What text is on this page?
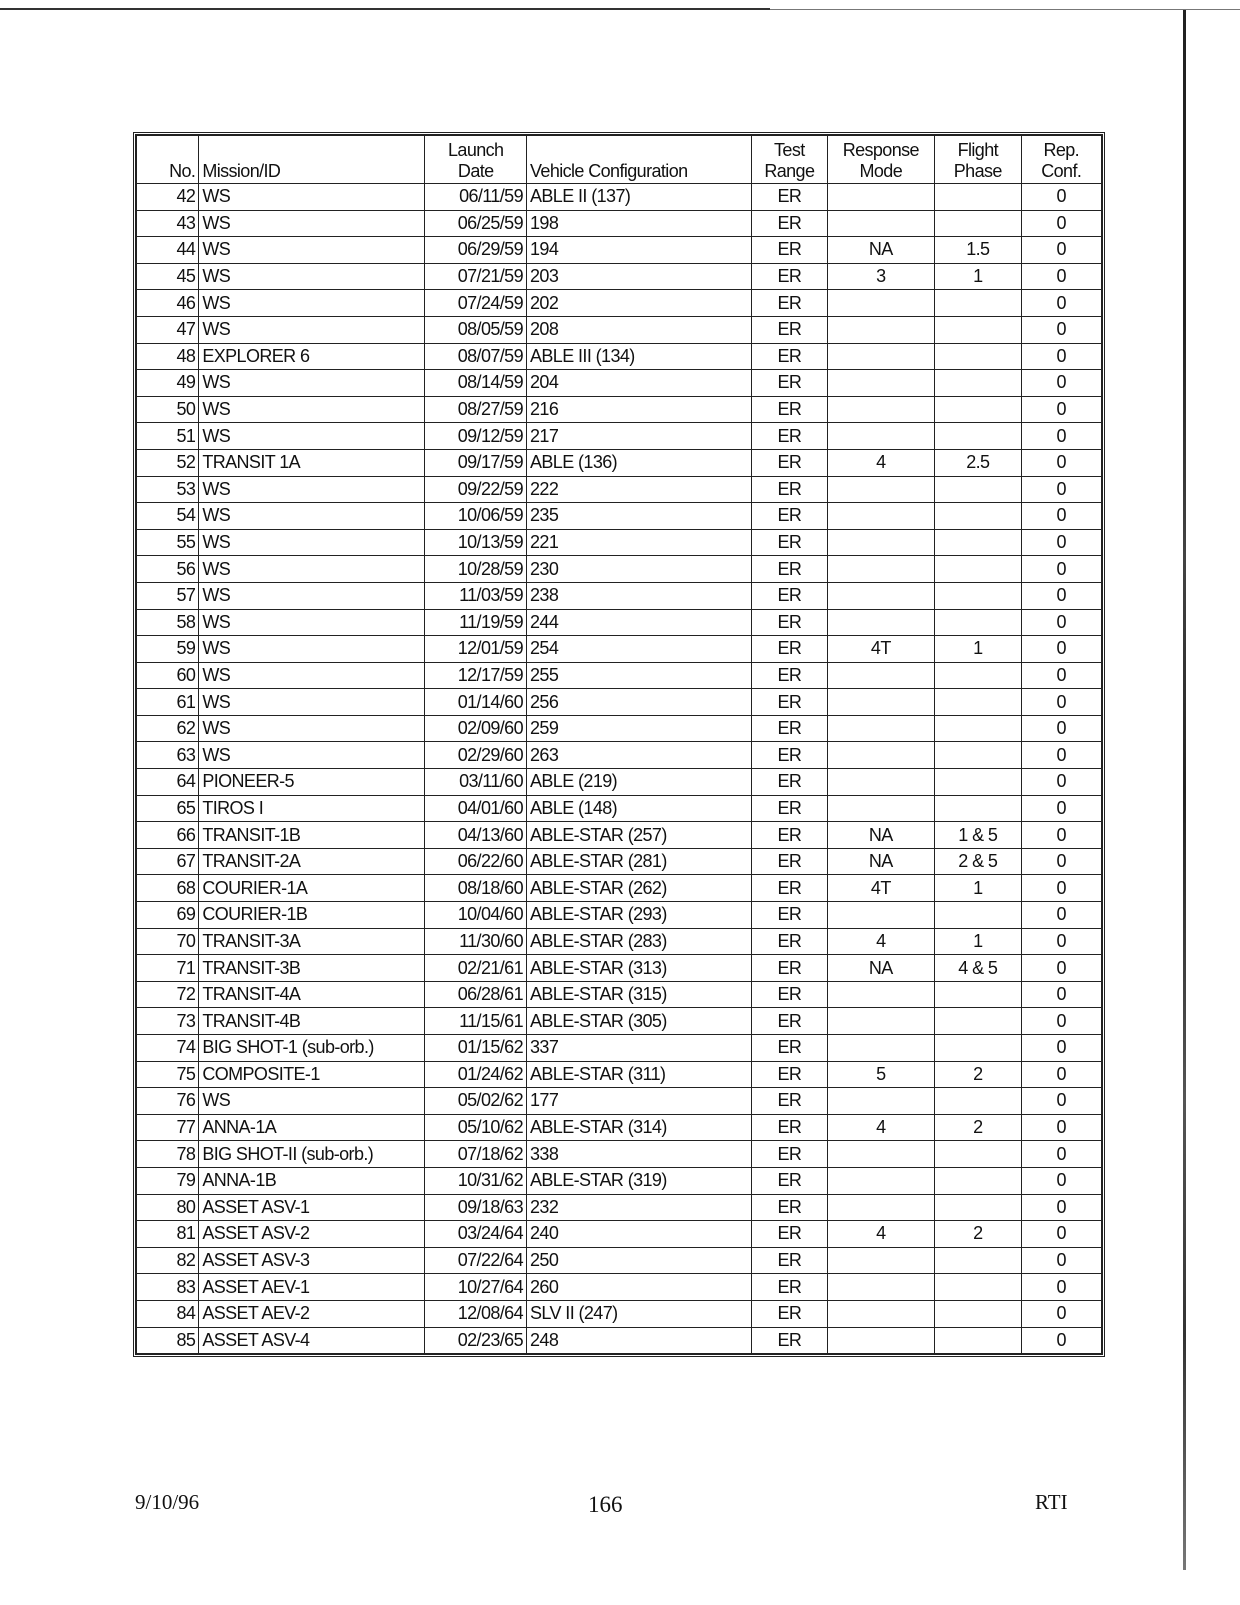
No.	Mission/ID	Launch Date	Vehicle Configuration	Test Range	Response Mode	Flight Phase	Rep. Conf.
42	WS	06/11/59	ABLE II (137)	ER			0
43	WS	06/25/59	198	ER			0
44	WS	06/29/59	194	ER	NA	1.5	0
45	WS	07/21/59	203	ER	3	1	0
46	WS	07/24/59	202	ER			0
47	WS	08/05/59	208	ER			0
48	EXPLORER 6	08/07/59	ABLE III (134)	ER			0
49	WS	08/14/59	204	ER			0
50	WS	08/27/59	216	ER			0
51	WS	09/12/59	217	ER			0
52	TRANSIT 1A	09/17/59	ABLE (136)	ER	4	2.5	0
53	WS	09/22/59	222	ER			0
54	WS	10/06/59	235	ER			0
55	WS	10/13/59	221	ER			0
56	WS	10/28/59	230	ER			0
57	WS	11/03/59	238	ER			0
58	WS	11/19/59	244	ER			0
59	WS	12/01/59	254	ER	4T	1	0
60	WS	12/17/59	255	ER			0
61	WS	01/14/60	256	ER			0
62	WS	02/09/60	259	ER			0
63	WS	02/29/60	263	ER			0
64	PIONEER-5	03/11/60	ABLE (219)	ER			0
65	TIROS I	04/01/60	ABLE (148)	ER			0
66	TRANSIT-1B	04/13/60	ABLE-STAR (257)	ER	NA	1 & 5	0
67	TRANSIT-2A	06/22/60	ABLE-STAR (281)	ER	NA	2 & 5	0
68	COURIER-1A	08/18/60	ABLE-STAR (262)	ER	4T	1	0
69	COURIER-1B	10/04/60	ABLE-STAR (293)	ER			0
70	TRANSIT-3A	11/30/60	ABLE-STAR (283)	ER	4	1	0
71	TRANSIT-3B	02/21/61	ABLE-STAR (313)	ER	NA	4 & 5	0
72	TRANSIT-4A	06/28/61	ABLE-STAR (315)	ER			0
73	TRANSIT-4B	11/15/61	ABLE-STAR (305)	ER			0
74	BIG SHOT-1 (sub-orb.)	01/15/62	337	ER			0
75	COMPOSITE-1	01/24/62	ABLE-STAR (311)	ER	5	2	0
76	WS	05/02/62	177	ER			0
77	ANNA-1A	05/10/62	ABLE-STAR (314)	ER	4	2	0
78	BIG SHOT-II (sub-orb.)	07/18/62	338	ER			0
79	ANNA-1B	10/31/62	ABLE-STAR (319)	ER			0
80	ASSET ASV-1	09/18/63	232	ER			0
81	ASSET ASV-2	03/24/64	240	ER	4	2	0
82	ASSET ASV-3	07/22/64	250	ER			0
83	ASSET AEV-1	10/27/64	260	ER			0
84	ASSET AEV-2	12/08/64	SLV II (247)	ER			0
85	ASSET ASV-4	02/23/65	248	ER			0
9/10/96	166	RTI
